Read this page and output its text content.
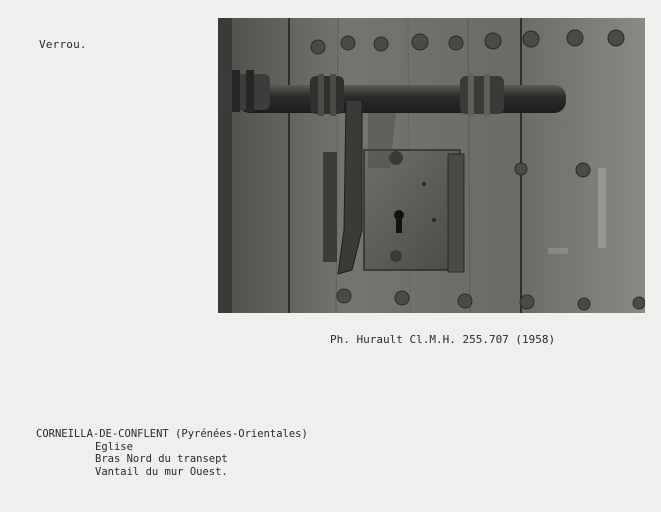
Verrou.
Ph. Hurault Cl.M.H. 255.707 (1958)
CORNEILLA-DE-CONFLENT (Pyrénées-Orientales)
Eglise
Bras Nord du transept
Vantail du mur Ouest.
